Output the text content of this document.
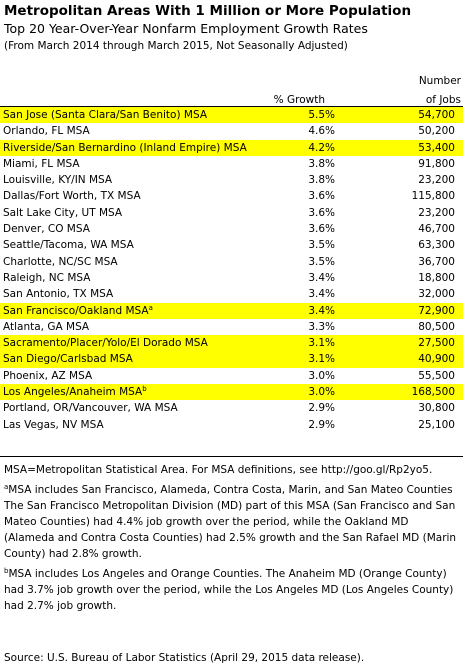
Metropolitan Areas With 1 Million or More Population
Top 20 Year-Over-Year Nonfarm Employment Growth Rates
(From March 2014 through March 2015, Not Seasonally Adjusted)
Number
% Growth	of Jobs
San Jose (Santa Clara/San Benito) MSA	5.5%	54,700
Orlando, FL MSA	4.6%	50,200
Riverside/San Bernardino (Inland Empire) MSA	4.2%	53,400
Miami, FL MSA	3.8%	91,800
Louisville, KY/IN MSA	3.8%	23,200
Dallas/Fort Worth, TX MSA	3.6%	115,800
Salt Lake City, UT MSA	3.6%	23,200
Denver, CO MSA	3.6%	46,700
Seattle/Tacoma, WA MSA	3.5%	63,300
Charlotte, NC/SC MSA	3.5%	36,700
Raleigh, NC MSA	3.4%	18,800
San Antonio, TX MSA	3.4%	32,000
San Francisco/Oakland MSA$^a$	3.4%	72,900
Atlanta, GA MSA	3.3%	80,500
Sacramento/Placer/Yolo/El Dorado MSA	3.1%	27,500
San Diego/Carlsbad MSA	3.1%	40,900
Phoenix, AZ MSA	3.0%	55,500
Los Angeles/Anaheim MSA$^b$	3.0%	168,500
Portland, OR/Vancouver, WA MSA	2.9%	30,800
Las Vegas, NV MSA	2.9%	25,100

MSA=Metropolitan Statistical Area. For MSA definitions, see http://goo.gl/Rp2yo5.

$^a$MSA includes San Francisco, Alameda, Contra Costa, Marin, and San Mateo Counties The San Francisco Metropolitan Division (MD) part of this MSA (San Francisco and San Mateo Counties) had 4.4% job growth over the period, while the Oakland MD (Alameda and Contra Costa Counties) had 2.5% growth and the San Rafael MD (Marin County) had 2.8% growth.

$^b$MSA includes Los Angeles and Orange Counties. The Anaheim MD (Orange County) had 3.7% job growth over the period, while the Los Angeles MD (Los Angeles County) had 2.7% job growth.

Source: U.S. Bureau of Labor Statistics (April 29, 2015 data release).
